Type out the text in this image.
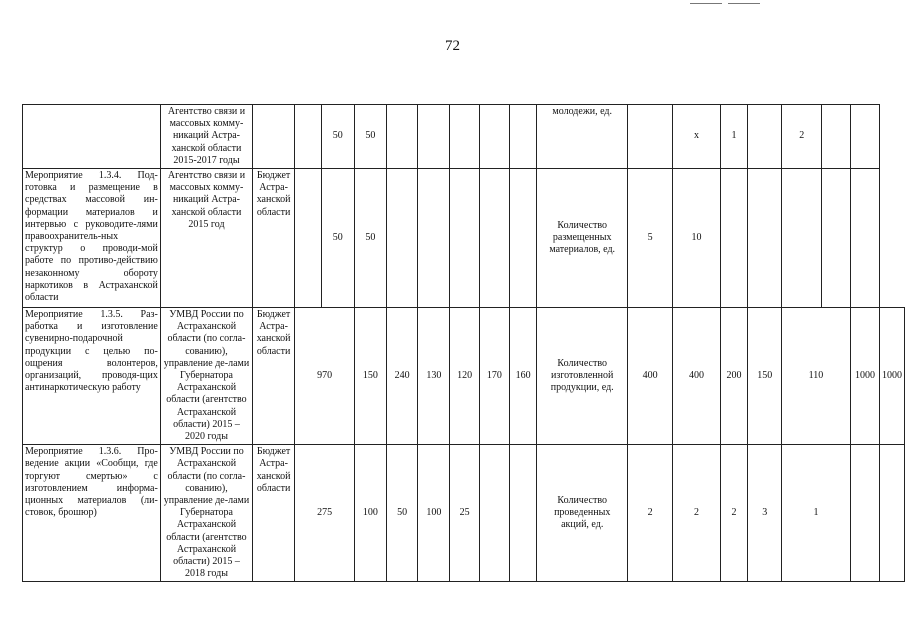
72
	Агентство связи и массовых комму-никаций Астра-ханской области 2015-2017 годы			50	50						молодежи, ед.		х	1		2			
Мероприятие 1.3.4. Под-готовка и размещение в средствах массовой ин-формации материалов и интервью с руководите-лями правоохранитель-ных структур о проводи-мой работе по противо-действию незаконному обороту наркотиков в Астраханской области	Агентство связи и массовых комму-никаций Астра-ханской области 2015 год	Бюджет Астра-ханской области		50	50						Количество размещенных материалов, ед.	5	10						
Мероприятие 1.3.5. Раз-работка и изготовление сувенирно-подарочной продукции с целью по-ощрения волонтеров, организаций, проводя-щих антинаркотическую работу	УМВД России по Астраханской области (по согла-сованию), управление де-лами Губернатора Астраханской области (агентство Астраханской области) 2015 – 2020 годы	Бюджет Астра-ханской области	970		150	240	130	120	170	160	Количество изготовленной продукции, ед.	400	400	200	150	110		1000	1000
Мероприятие 1.3.6. Про-ведение акции «Сообщи, где торгуют смертью» с изготовлением информа-ционных материалов (ли-стовок, брошюр)	УМВД России по Астраханской области (по согла-сованию), управление де-лами Губернатора Астраханской области (агентство Астраханской области) 2015 – 2018 годы	Бюджет Астра-ханской области	275		100	50	100	25			Количество проведенных акций, ед.	2	2	2	3	1			
